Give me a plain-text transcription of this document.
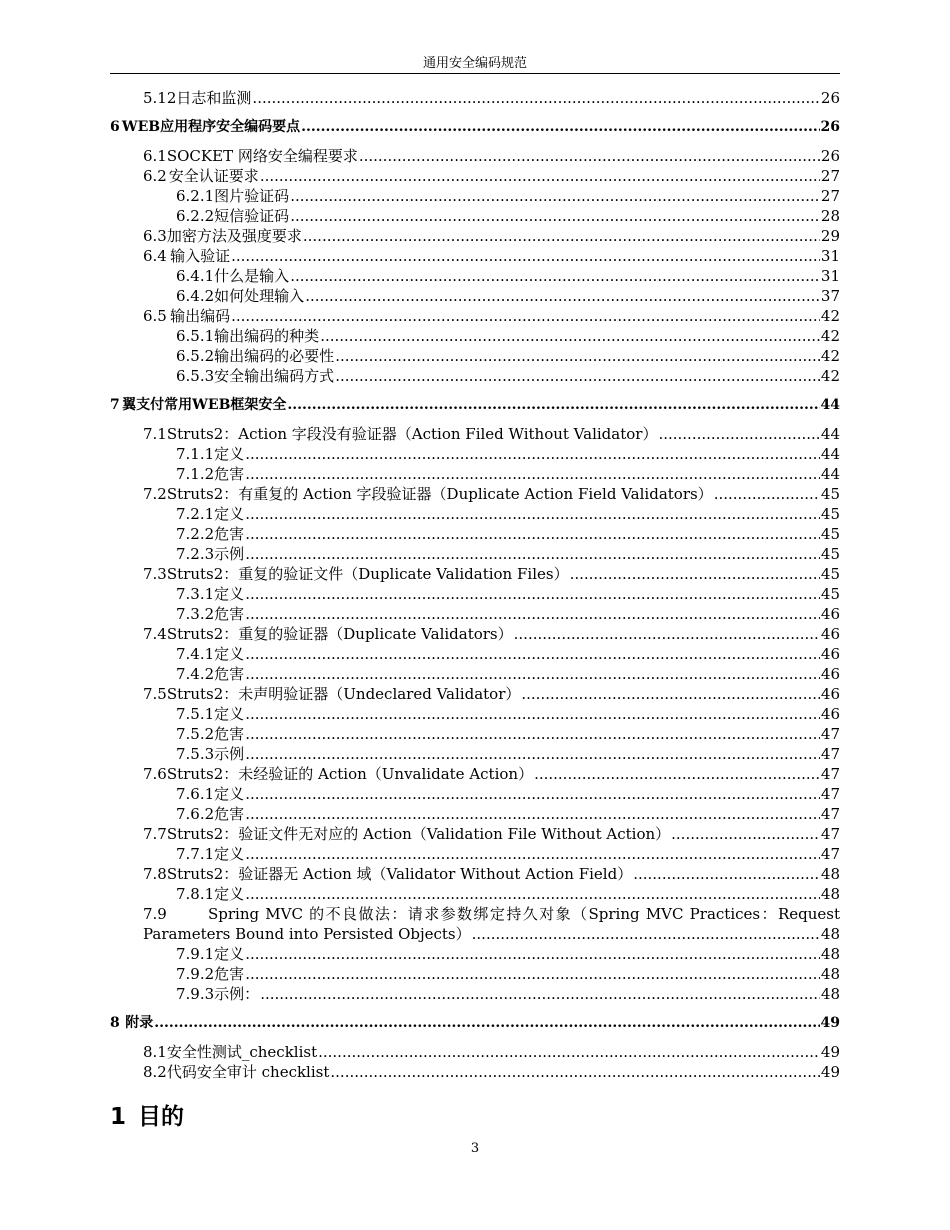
通用安全编码规范
5.12 日志和监测 .....	26
6 WEB应用程序安全编码要点 .....	26
6.1 SOCKET 网络安全编程要求 .....	26
6.2 安全认证要求 .....	27
6.2.1 图片验证码 .....	27
6.2.2 短信验证码 .....	28
6.3 加密方法及强度要求 .....	29
6.4 输入验证 .....	31
6.4.1 什么是输入 .....	31
6.4.2 如何处理输入 .....	37
6.5 输出编码 .....	42
6.5.1 输出编码的种类 .....	42
6.5.2 输出编码的必要性 .....	42
6.5.3 安全输出编码方式 .....	42
7 翼支付常用WEB框架安全 .....	44
7.1 Struts2：Action 字段没有验证器（Action Filed Without Validator） .....	44
7.1.1 定义 .....	44
7.1.2 危害 .....	44
7.2 Struts2：有重复的 Action 字段验证器（Duplicate Action Field Validators） .....	45
7.2.1 定义 .....	45
7.2.2 危害 .....	45
7.2.3 示例 .....	45
7.3 Struts2：重复的验证文件（Duplicate Validation Files） .....	45
7.3.1 定义 .....	45
7.3.2 危害 .....	46
7.4 Struts2：重复的验证器（Duplicate Validators） .....	46
7.4.1 定义 .....	46
7.4.2 危害 .....	46
7.5 Struts2：未声明验证器（Undeclared Validator） .....	46
7.5.1 定义 .....	46
7.5.2 危害 .....	47
7.5.3 示例 .....	47
7.6 Struts2：未经验证的 Action（Unvalidate Action） .....	47
7.6.1 定义 .....	47
7.6.2 危害 .....	47
7.7 Struts2：验证文件无对应的 Action（Validation File Without Action） .....	47
7.7.1 定义 .....	47
7.8 Struts2：验证器无 Action 域（Validator Without Action Field） .....	48
7.8.1 定义 .....	48
7.9	Spring MVC 的不良做法：请求参数绑定持久对象（Spring MVC Practices：Request
Parameters Bound into Persisted Objects） .....	48
7.9.1 定义 .....	48
7.9.2 危害 .....	48
7.9.3 示例： .....	48
8 附录 .....	49
8.1 安全性测试_checklist .....	49
8.2 代码安全审计 checklist .....	49
1 目的
3
